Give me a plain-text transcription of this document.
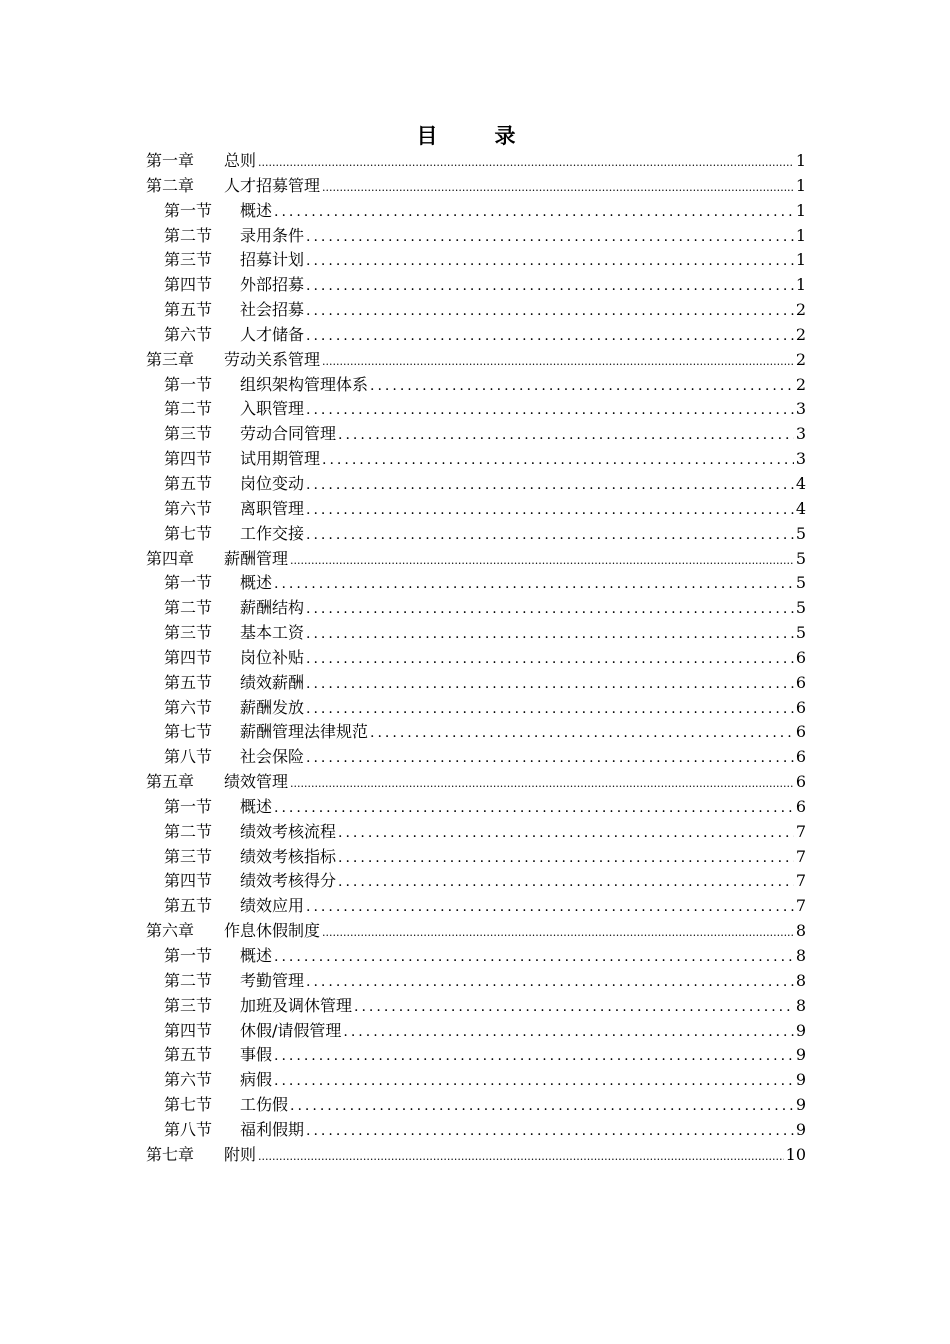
目　录
第一章	总则 .....	1
第二章	人才招募管理 .....	1
第一节	概述 .....	1
第二节	录用条件 .....	1
第三节	招募计划 .....	1
第四节	外部招募 .....	1
第五节	社会招募 .....	2
第六节	人才储备 .....	2
第三章	劳动关系管理 .....	2
第一节	组织架构管理体系 .....	2
第二节	入职管理 .....	3
第三节	劳动合同管理 .....	3
第四节	试用期管理 .....	3
第五节	岗位变动 .....	4
第六节	离职管理 .....	4
第七节	工作交接 .....	5
第四章	薪酬管理 .....	5
第一节	概述 .....	5
第二节	薪酬结构 .....	5
第三节	基本工资 .....	5
第四节	岗位补贴 .....	6
第五节	绩效薪酬 .....	6
第六节	薪酬发放 .....	6
第七节	薪酬管理法律规范 .....	6
第八节	社会保险 .....	6
第五章	绩效管理 .....	6
第一节	概述 .....	6
第二节	绩效考核流程 .....	7
第三节	绩效考核指标 .....	7
第四节	绩效考核得分 .....	7
第五节	绩效应用 .....	7
第六章	作息休假制度 .....	8
第一节	概述 .....	8
第二节	考勤管理 .....	8
第三节	加班及调休管理 .....	8
第四节	休假/请假管理 .....	9
第五节	事假 .....	9
第六节	病假 .....	9
第七节	工伤假 .....	9
第八节	福利假期 .....	9
第七章	附则 .....	10
